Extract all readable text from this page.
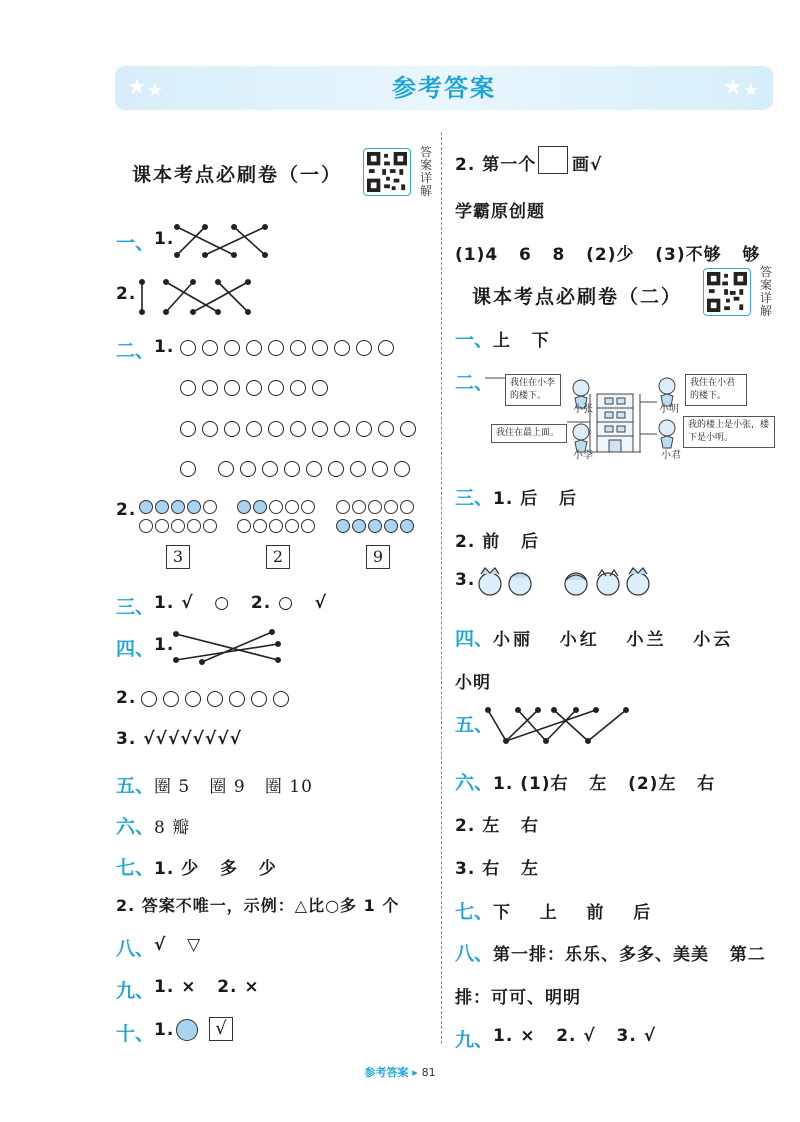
★ ★	参考答案	★ ★
课本考点必刷卷（一）
答
案
详
解
一、 1.
2.
二、 1.
2.
3	2	9
三、 1. √   ○   2. ○   √
四、 1.
2.
3. √√√√√√√√
五、 圈 5   圈 9   圈 10
六、 8 瓣
七、 1. 少   多   少
2. 答案不唯一，示例：△比○多 1 个
八、 √   ▽
九、 1. ×   2. ×
十、 1.	√
2. 第一个 画√
学霸原创题
(1)4   6   8   (2)少   (3)不够   够
课本考点必刷卷（二）
答
案
详
解
一、 上   下
二、	我住在小李的楼下。
我住在小君的楼下。
我住在最上面。
我的楼上是小张，楼下是小明。
小张	小明
小李	小君
三、 1. 后   后
2. 前   后
3.
四、 小丽   小红   小兰   小云
小明
五、
六、 1. (1)右   左   (2)左   右
2. 左   右
3. 右   左
七、 下   上   前   后
八、 第一排：乐乐、多多、美美   第二
排：可可、明明
九、 1. ×   2. √   3. √
参考答案 ▸ 81
